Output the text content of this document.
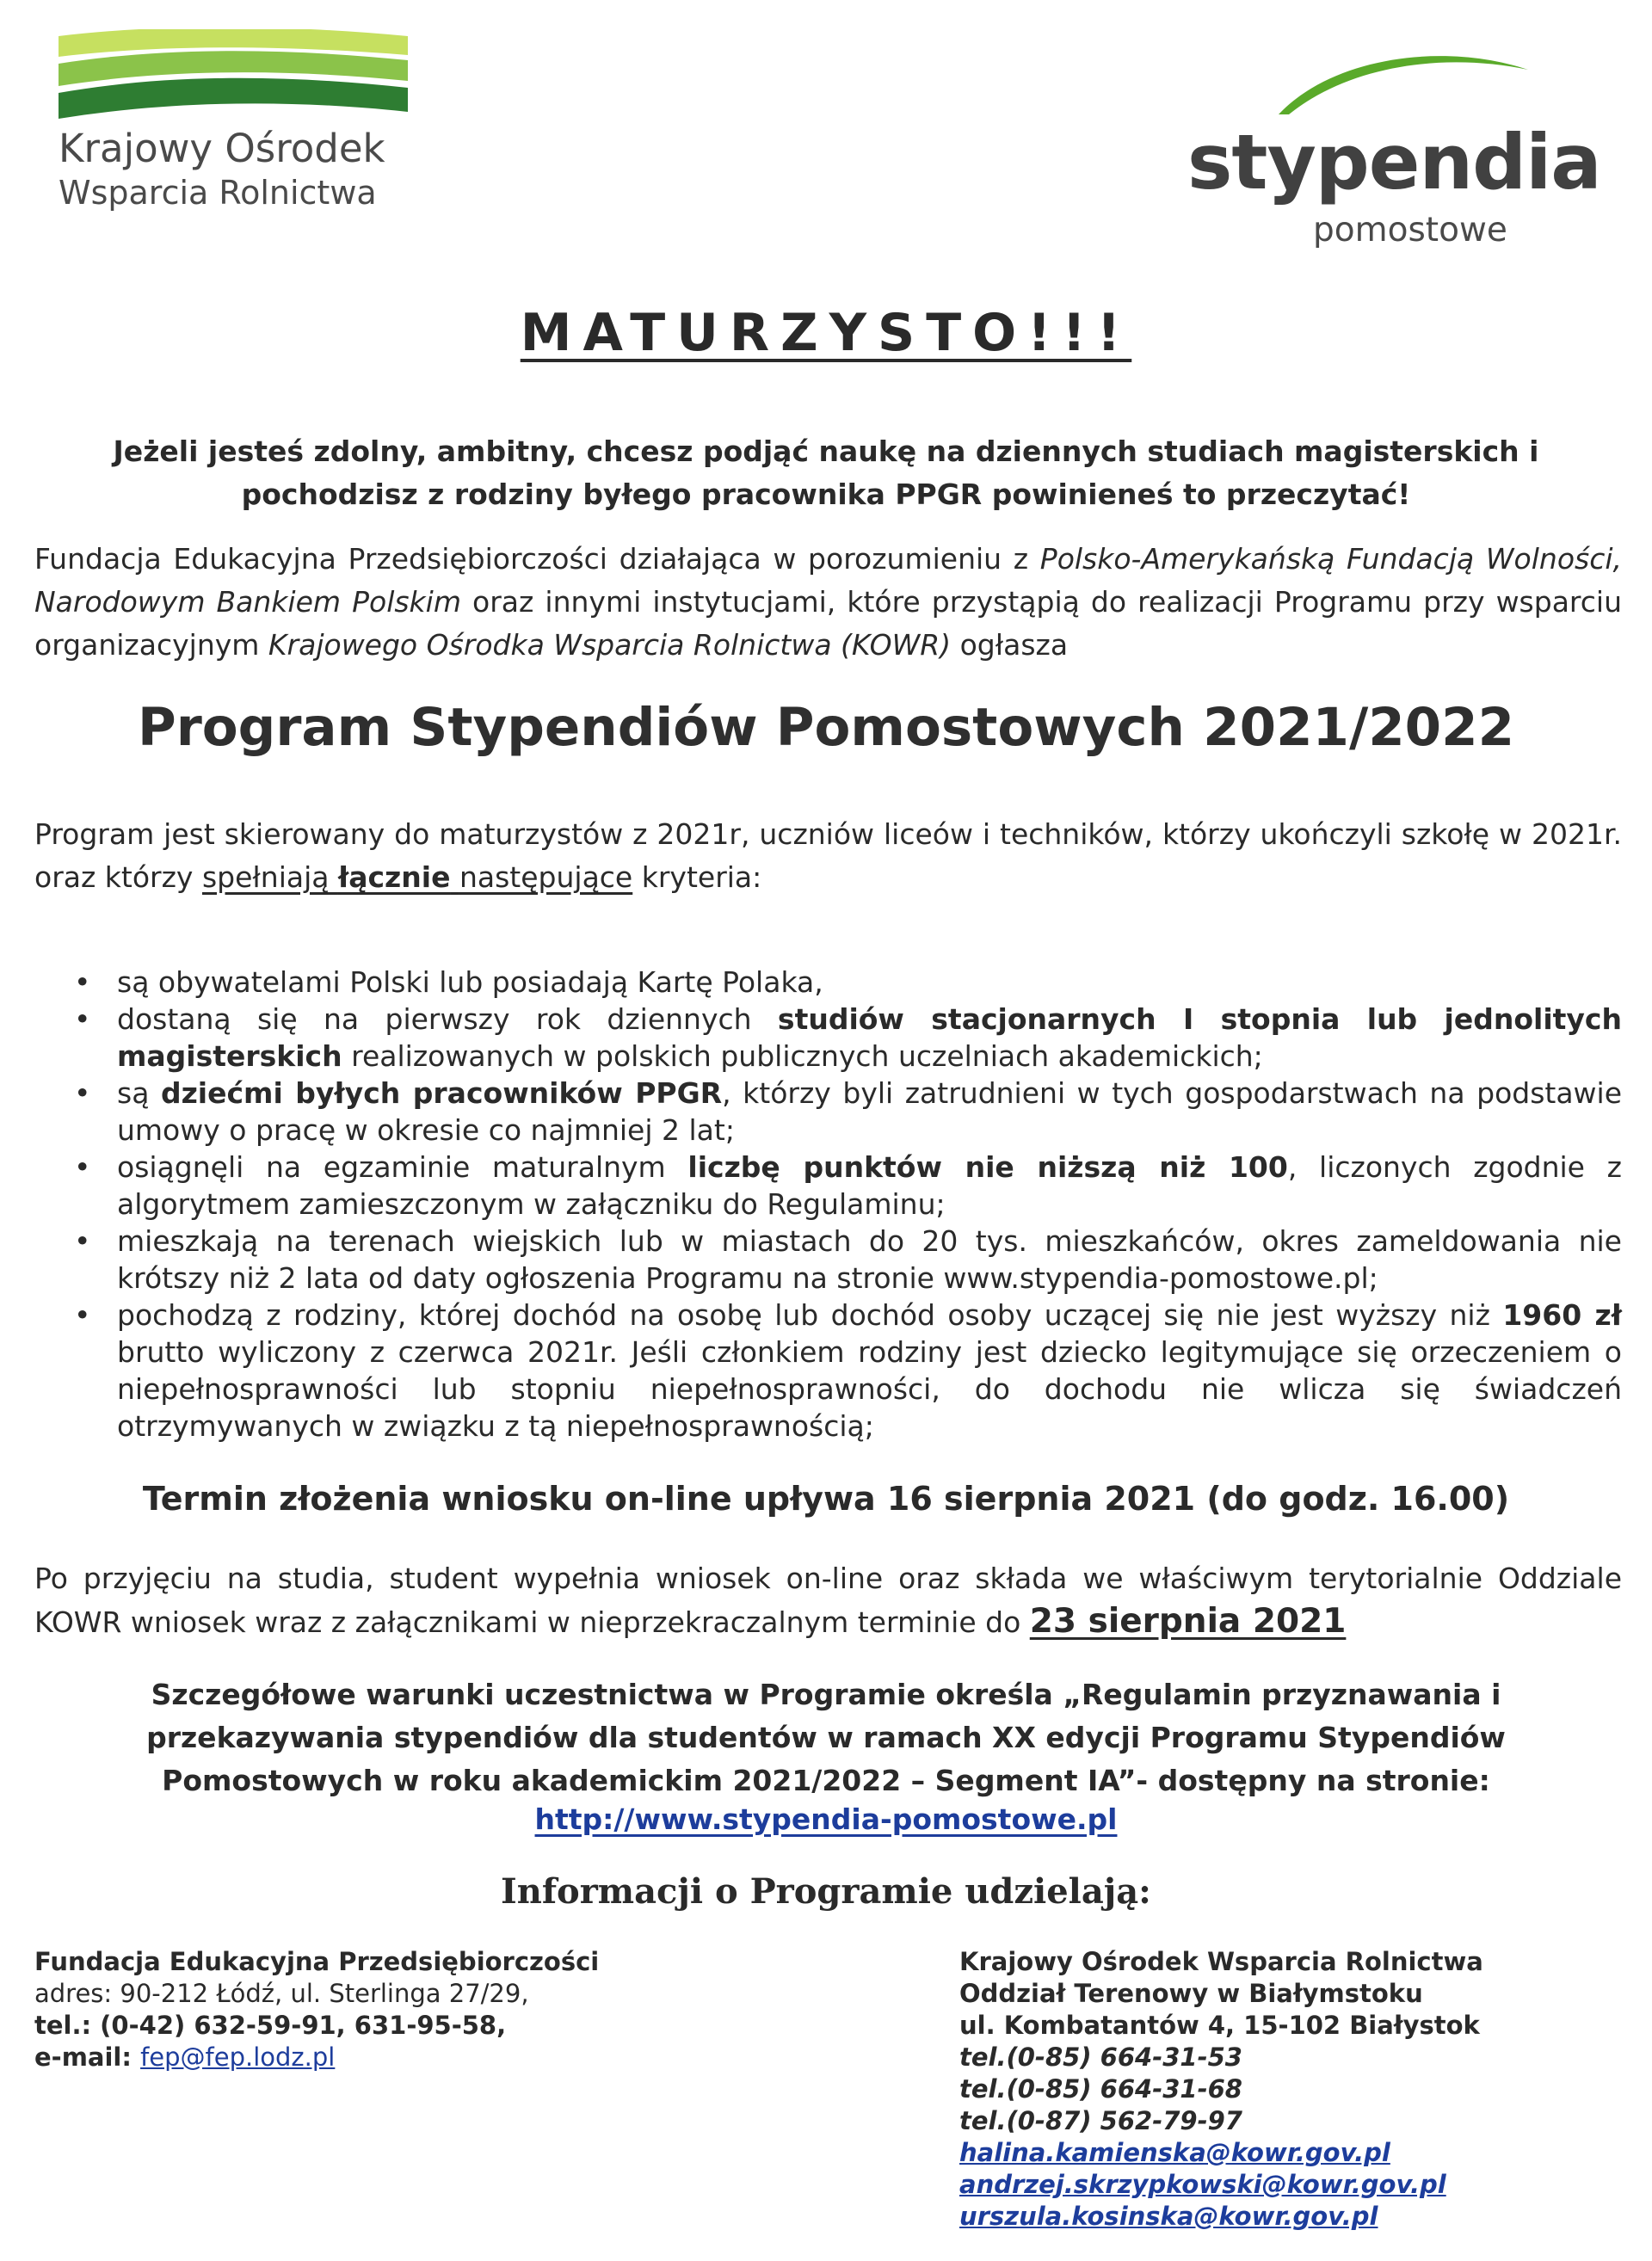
Krajowy Ośrodek
Wsparcia Rolnictwa	stypendia
pomostowe
MATURZYSTO!!!
Jeżeli jesteś zdolny, ambitny, chcesz podjąć naukę na dziennych studiach magisterskich i pochodzisz z rodziny byłego pracownika PPGR powinieneś to przeczytać!
Fundacja Edukacyjna Przedsiębiorczości działająca w porozumieniu z Polsko-Amerykańską Fundacją Wolności, Narodowym Bankiem Polskim oraz innymi instytucjami, które przystąpią do realizacji Programu przy wsparciu organizacyjnym Krajowego Ośrodka Wsparcia Rolnictwa (KOWR) ogłasza
Program Stypendiów Pomostowych 2021/2022
Program jest skierowany do maturzystów z 2021r, uczniów liceów i techników, którzy ukończyli szkołę w 2021r. oraz którzy spełniają łącznie następujące kryteria:
• są obywatelami Polski lub posiadają Kartę Polaka,
• dostaną się na pierwszy rok dziennych studiów stacjonarnych I stopnia lub jednolitych magisterskich realizowanych w polskich publicznych uczelniach akademickich;
• są dziećmi byłych pracowników PPGR, którzy byli zatrudnieni w tych gospodarstwach na podstawie umowy o pracę w okresie co najmniej 2 lat;
• osiągnęli na egzaminie maturalnym liczbę punktów nie niższą niż 100, liczonych zgodnie z algorytmem zamieszczonym w załączniku do Regulaminu;
• mieszkają na terenach wiejskich lub w miastach do 20 tys. mieszkańców, okres zameldowania nie krótszy niż 2 lata od daty ogłoszenia Programu na stronie www.stypendia-pomostowe.pl;
• pochodzą z rodziny, której dochód na osobę lub dochód osoby uczącej się nie jest wyższy niż 1960 zł brutto wyliczony z czerwca 2021r. Jeśli członkiem rodziny jest dziecko legitymujące się orzeczeniem o niepełnosprawności lub stopniu niepełnosprawności, do dochodu nie wlicza się świadczeń otrzymywanych w związku z tą niepełnosprawnością;
Termin złożenia wniosku on-line upływa 16 sierpnia 2021 (do godz. 16.00)
Po przyjęciu na studia, student wypełnia wniosek on-line oraz składa we właściwym terytorialnie Oddziale KOWR wniosek wraz z załącznikami w nieprzekraczalnym terminie do 23 sierpnia 2021
Szczegółowe warunki uczestnictwa w Programie określa „Regulamin przyznawania i przekazywania stypendiów dla studentów w ramach XX edycji Programu Stypendiów Pomostowych w roku akademickim 2021/2022 – Segment IA”- dostępny na stronie:
http://www.stypendia-pomostowe.pl
Informacji o Programie udzielają:
Fundacja Edukacyjna Przedsiębiorczości
adres: 90-212 Łódź, ul. Sterlinga 27/29,
tel.: (0-42) 632-59-91, 631-95-58,
e-mail: fep@fep.lodz.pl
Krajowy Ośrodek Wsparcia Rolnictwa
Oddział Terenowy w Białymstoku
ul. Kombatantów 4, 15-102 Białystok
tel.(0-85) 664-31-53
tel.(0-85) 664-31-68
tel.(0-87) 562-79-97
halina.kamienska@kowr.gov.pl
andrzej.skrzypkowski@kowr.gov.pl
urszula.kosinska@kowr.gov.pl
